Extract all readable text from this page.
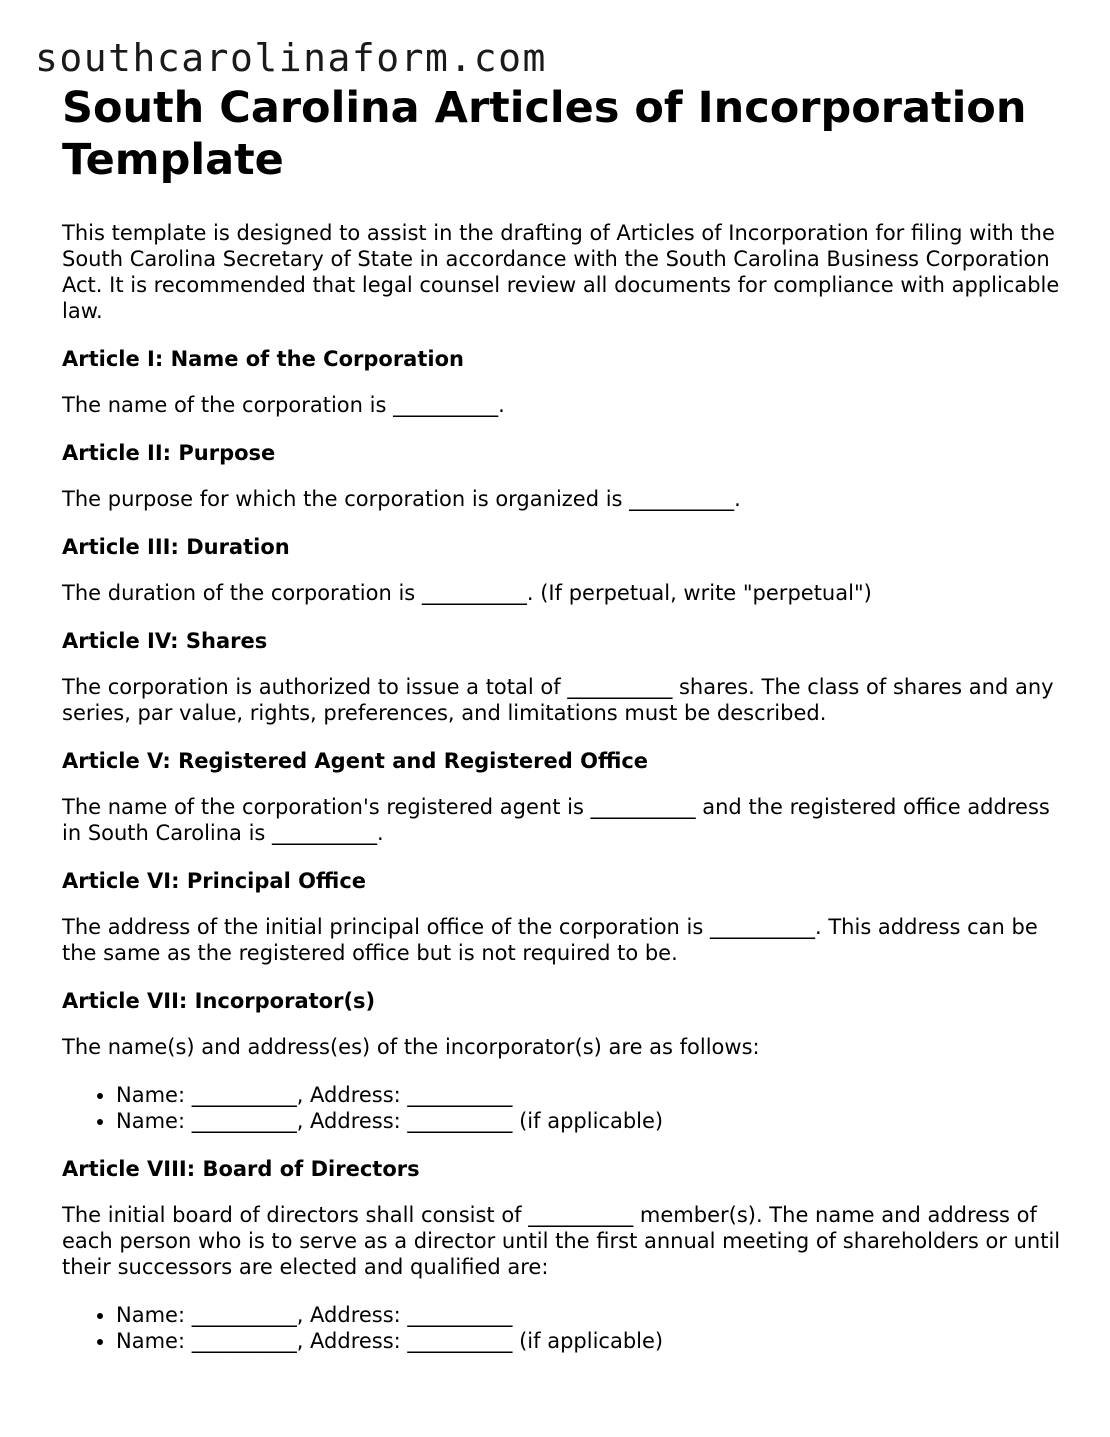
southcarolinaform.com
South Carolina Articles of Incorporation Template

This template is designed to assist in the drafting of Articles of Incorporation for filing with the South Carolina Secretary of State in accordance with the South Carolina Business Corporation Act. It is recommended that legal counsel review all documents for compliance with applicable law.

Article I: Name of the Corporation

The name of the corporation is __________.

Article II: Purpose

The purpose for which the corporation is organized is __________.

Article III: Duration

The duration of the corporation is __________. (If perpetual, write "perpetual")

Article IV: Shares

The corporation is authorized to issue a total of __________ shares. The class of shares and any series, par value, rights, preferences, and limitations must be described.

Article V: Registered Agent and Registered Office

The name of the corporation's registered agent is __________ and the registered office address in South Carolina is __________.

Article VI: Principal Office

The address of the initial principal office of the corporation is __________. This address can be the same as the registered office but is not required to be.

Article VII: Incorporator(s)

The name(s) and address(es) of the incorporator(s) are as follows:

• Name: __________, Address: __________
• Name: __________, Address: __________ (if applicable)
Article VIII: Board of Directors

The initial board of directors shall consist of __________ member(s). The name and address of each person who is to serve as a director until the first annual meeting of shareholders or until their successors are elected and qualified are:

• Name: __________, Address: __________
• Name: __________, Address: __________ (if applicable)
